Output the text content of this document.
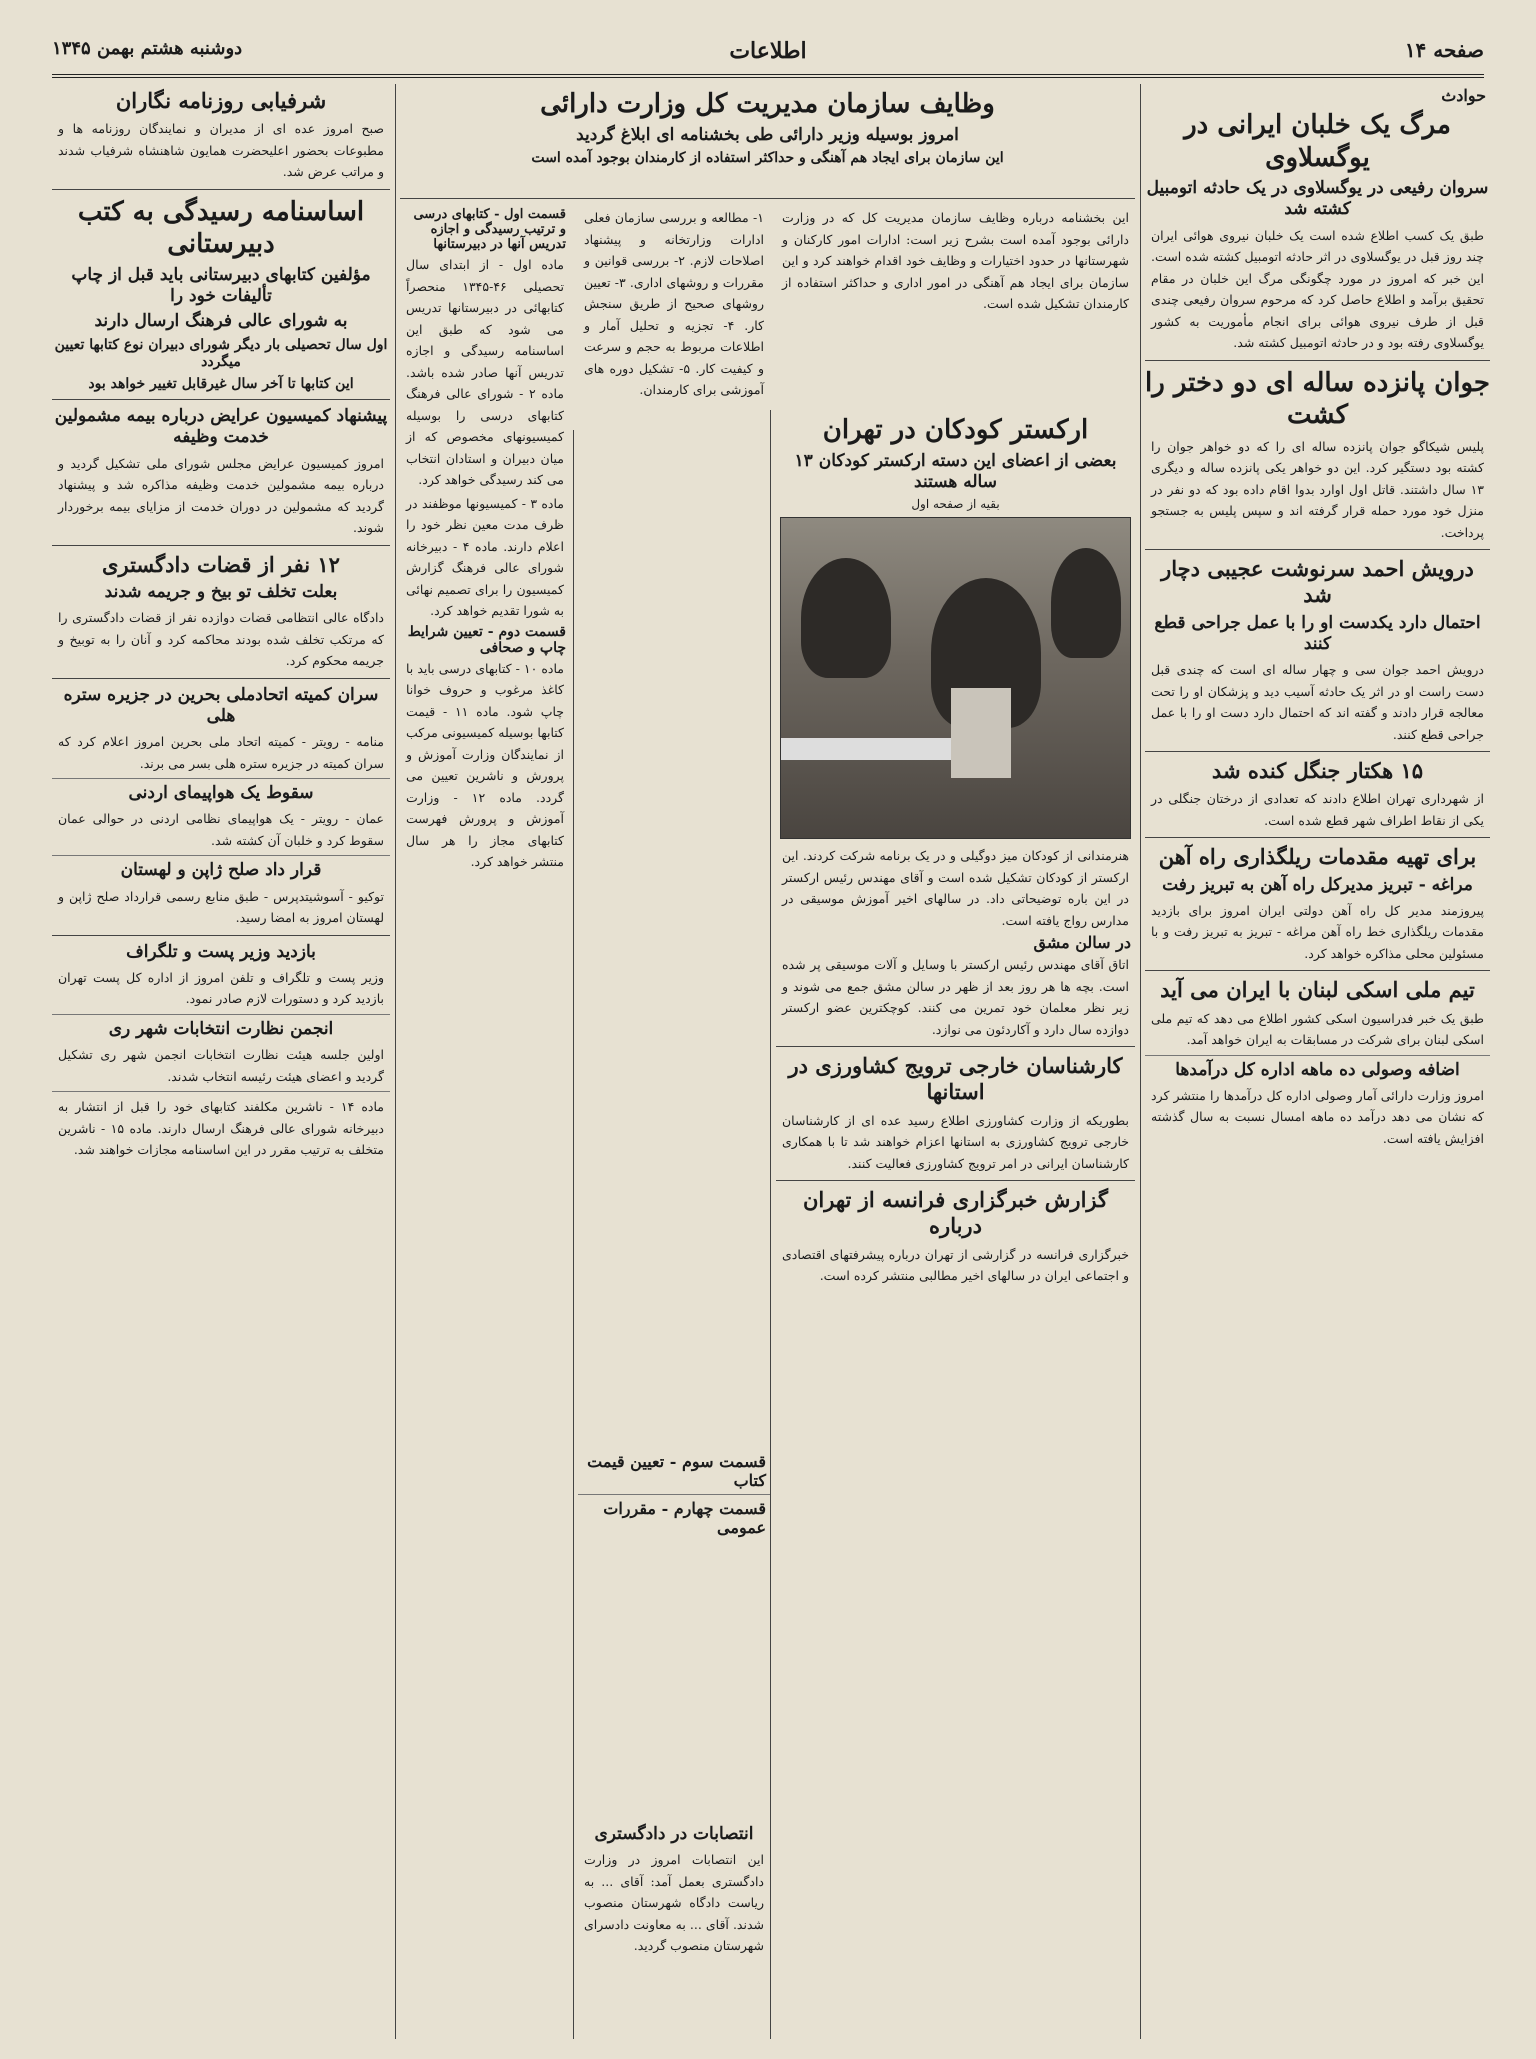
صفحه ۱۴
اطلاعات
دوشنبه هشتم بهمن ۱۳۴۵
حوادث
مرگ یک خلبان ایرانی در یوگسلاوی
سروان رفیعی در یوگسلاوی در یک حادثه اتومبیل کشته شد
طبق یک کسب اطلاع شده است یک خلبان نیروی هوائی ایران چند روز قبل در یوگسلاوی در اثر حادثه اتومبیل کشته شده است. این خبر که امروز در مورد چگونگی مرگ این خلبان در مقام تحقیق برآمد و اطلاع حاصل کرد که مرحوم سروان رفیعی چندی قبل از طرف نیروی هوائی برای انجام مأموریت به کشور یوگسلاوی رفته بود و در حادثه اتومبیل کشته شد.
جوان پانزده ساله ای دو دختر را کشت
پلیس شیکاگو جوان پانزده ساله ای را که دو خواهر جوان را کشته بود دستگیر کرد. این دو خواهر یکی پانزده ساله و دیگری ۱۳ سال داشتند. قاتل اول اوارد بدوا اقام داده بود که دو نفر در منزل خود مورد حمله قرار گرفته اند و سپس پلیس به جستجو پرداخت.
درویش احمد سرنوشت عجیبی دچار شد
احتمال دارد یکدست او را با عمل جراحی قطع کنند
درویش احمد جوان سی و چهار ساله ای است که چندی قبل دست راست او در اثر یک حادثه آسیب دید و پزشکان او را تحت معالجه قرار دادند و گفته اند که احتمال دارد دست او را با عمل جراحی قطع کنند.
۱۵ هکتار جنگل کنده شد
از شهرداری تهران اطلاع دادند که تعدادی از درختان جنگلی در یکی از نقاط اطراف شهر قطع شده است.
برای تهیه مقدمات ریلگذاری راه آهن
مراغه - تبریز مدیرکل راه آهن به تبریز رفت
پیروزمند مدیر کل راه آهن دولتی ایران امروز برای بازدید مقدمات ریلگذاری خط راه آهن مراغه - تبریز به تبریز رفت و با مسئولین محلی مذاکره خواهد کرد.
تیم ملی اسکی لبنان با ایران می آید
طبق یک خبر فدراسیون اسکی کشور اطلاع می دهد که تیم ملی اسکی لبنان برای شرکت در مسابقات به ایران خواهد آمد.
اضافه وصولی ده ماهه اداره کل درآمدها
امروز وزارت دارائی آمار وصولی اداره کل درآمدها را منتشر کرد که نشان می دهد درآمد ده ماهه امسال نسبت به سال گذشته افزایش یافته است.
وظایف سازمان مدیریت کل وزارت دارائی
امروز بوسیله وزیر دارائی طی بخشنامه ای ابلاغ گردید
این سازمان برای ایجاد هم آهنگی و حداکثر استفاده از کارمندان بوجود آمده است
این بخشنامه درباره وظایف سازمان مدیریت کل که در وزارت دارائی بوجود آمده است بشرح زیر است: ادارات امور کارکنان و شهرستانها در حدود اختیارات و وظایف خود اقدام خواهند کرد و این سازمان برای ایجاد هم آهنگی در امور اداری و حداکثر استفاده از کارمندان تشکیل شده است.
۱- مطالعه و بررسی سازمان فعلی ادارات وزارتخانه و پیشنهاد اصلاحات لازم. ۲- بررسی قوانین و مقررات و روشهای اداری. ۳- تعیین روشهای صحیح از طریق سنجش کار. ۴- تجزیه و تحلیل آمار و اطلاعات مربوط به حجم و سرعت و کیفیت کار. ۵- تشکیل دوره های آموزشی برای کارمندان.
ارکستر کودکان در تهران
بعضی از اعضای این دسته ارکستر کودکان ۱۳ ساله هستند
بقیه از صفحه اول
هنرمندانی از کودکان میز دوگیلی و در یک برنامه شرکت کردند. این ارکستر از کودکان تشکیل شده است و آقای مهندس رئیس ارکستر در این باره توضیحاتی داد. در سالهای اخیر آموزش موسیقی در مدارس رواج یافته است.
در سالن مشق
اتاق آقای مهندس رئیس ارکستر با وسایل و آلات موسیقی پر شده است. بچه ها هر روز بعد از ظهر در سالن مشق جمع می شوند و زیر نظر معلمان خود تمرین می کنند. کوچکترین عضو ارکستر دوازده سال دارد و آکاردئون می نوازد.
کارشناسان خارجی ترویج کشاورزی در استانها
بطوریکه از وزارت کشاورزی اطلاع رسید عده ای از کارشناسان خارجی ترویج کشاورزی به استانها اعزام خواهند شد تا با همکاری کارشناسان ایرانی در امر ترویج کشاورزی فعالیت کنند.
گزارش خبرگزاری فرانسه از تهران درباره
خبرگزاری فرانسه در گزارشی از تهران درباره پیشرفتهای اقتصادی و اجتماعی ایران در سالهای اخیر مطالبی منتشر کرده است.
انتصابات در دادگستری
این انتصابات امروز در وزارت دادگستری بعمل آمد: آقای ... به ریاست دادگاه شهرستان منصوب شدند. آقای ... به معاونت دادسرای شهرستان منصوب گردید.
قسمت اول - کتابهای درسی و ترتیب رسیدگی و اجازه تدریس آنها در دبیرستانها
ماده اول - از ابتدای سال تحصیلی ۴۶-۱۳۴۵ منحصراً کتابهائی در دبیرستانها تدریس می شود که طبق این اساسنامه رسیدگی و اجازه تدریس آنها صادر شده باشد. ماده ۲ - شورای عالی فرهنگ کتابهای درسی را بوسیله کمیسیونهای مخصوص که از میان دبیران و استادان انتخاب می کند رسیدگی خواهد کرد.
ماده ۳ - کمیسیونها موظفند در ظرف مدت معین نظر خود را اعلام دارند. ماده ۴ - دبیرخانه شورای عالی فرهنگ گزارش کمیسیون را برای تصمیم نهائی به شورا تقدیم خواهد کرد.
قسمت دوم - تعیین شرایط چاپ و صحافی
ماده ۱۰ - کتابهای درسی باید با کاغذ مرغوب و حروف خوانا چاپ شود. ماده ۱۱ - قیمت کتابها بوسیله کمیسیونی مرکب از نمایندگان وزارت آموزش و پرورش و ناشرین تعیین می گردد. ماده ۱۲ - وزارت آموزش و پرورش فهرست کتابهای مجاز را هر سال منتشر خواهد کرد.
قسمت سوم - تعیین قیمت کتاب
قسمت چهارم - مقررات عمومی
شرفیابی روزنامه نگاران
صبح امروز عده ای از مدیران و نمایندگان روزنامه ها و مطبوعات بحضور اعلیحضرت همایون شاهنشاه شرفیاب شدند و مراتب عرض شد.
اساسنامه رسیدگی به کتب دبیرستانی
مؤلفین کتابهای دبیرستانی باید قبل از چاپ تألیفات خود را
به شورای عالی فرهنگ ارسال دارند
اول سال تحصیلی بار دیگر شورای دبیران نوع کتابها تعیین میگردد
این کتابها تا آخر سال غیرقابل تغییر خواهد بود
پیشنهاد کمیسیون عرایض درباره بیمه مشمولین خدمت وظیفه
امروز کمیسیون عرایض مجلس شورای ملی تشکیل گردید و درباره بیمه مشمولین خدمت وظیفه مذاکره شد و پیشنهاد گردید که مشمولین در دوران خدمت از مزایای بیمه برخوردار شوند.
۱۲ نفر از قضات دادگستری
بعلت تخلف تو بیخ و جریمه شدند
دادگاه عالی انتظامی قضات دوازده نفر از قضات دادگستری را که مرتکب تخلف شده بودند محاکمه کرد و آنان را به توبیخ و جریمه محکوم کرد.
سران کمیته اتحادملی بحرین در جزیره ستره هلی
منامه - رویتر - کمیته اتحاد ملی بحرین امروز اعلام کرد که سران کمیته در جزیره ستره هلی بسر می برند.
سقوط یک هواپیمای اردنی
عمان - رویتر - یک هواپیمای نظامی اردنی در حوالی عمان سقوط کرد و خلبان آن کشته شد.
قرار داد صلح ژاپن و لهستان
توکیو - آسوشیتدپرس - طبق منابع رسمی قرارداد صلح ژاپن و لهستان امروز به امضا رسید.
بازدید وزیر پست و تلگراف
وزیر پست و تلگراف و تلفن امروز از اداره کل پست تهران بازدید کرد و دستورات لازم صادر نمود.
انجمن نظارت انتخابات شهر ری
اولین جلسه هیئت نظارت انتخابات انجمن شهر ری تشکیل گردید و اعضای هیئت رئیسه انتخاب شدند.
ماده ۱۴ - ناشرین مکلفند کتابهای خود را قبل از انتشار به دبیرخانه شورای عالی فرهنگ ارسال دارند. ماده ۱۵ - ناشرین متخلف به ترتیب مقرر در این اساسنامه مجازات خواهند شد.
